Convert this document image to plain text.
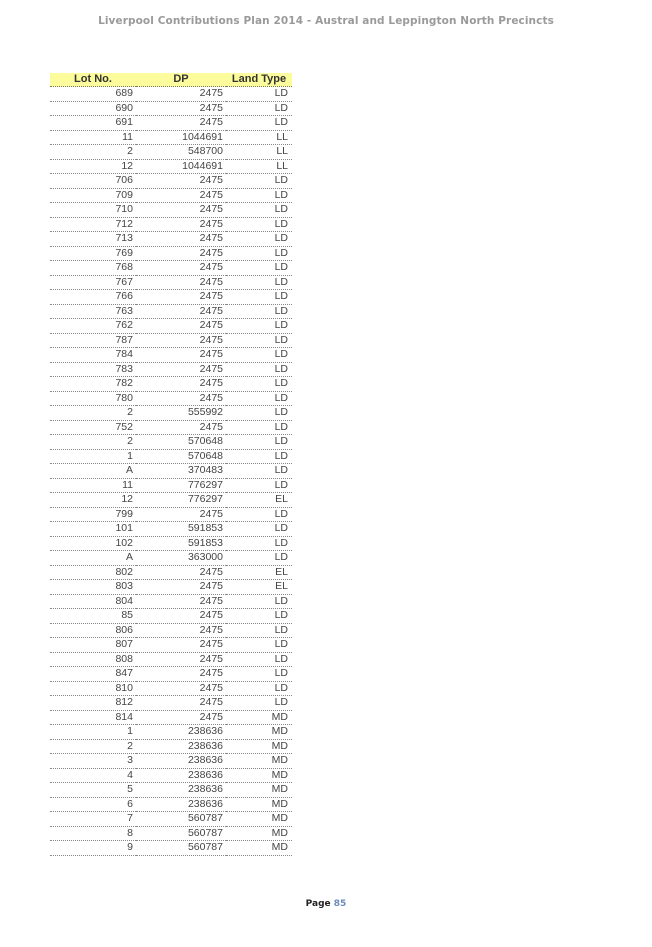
Liverpool Contributions Plan 2014 - Austral and Leppington North Precincts
Lot No.	DP	Land Type
689	2475	LD
690	2475	LD
691	2475	LD
11	1044691	LL
2	548700	LL
12	1044691	LL
706	2475	LD
709	2475	LD
710	2475	LD
712	2475	LD
713	2475	LD
769	2475	LD
768	2475	LD
767	2475	LD
766	2475	LD
763	2475	LD
762	2475	LD
787	2475	LD
784	2475	LD
783	2475	LD
782	2475	LD
780	2475	LD
2	555992	LD
752	2475	LD
2	570648	LD
1	570648	LD
A	370483	LD
11	776297	LD
12	776297	EL
799	2475	LD
101	591853	LD
102	591853	LD
A	363000	LD
802	2475	EL
803	2475	EL
804	2475	LD
85	2475	LD
806	2475	LD
807	2475	LD
808	2475	LD
847	2475	LD
810	2475	LD
812	2475	LD
814	2475	MD
1	238636	MD
2	238636	MD
3	238636	MD
4	238636	MD
5	238636	MD
6	238636	MD
7	560787	MD
8	560787	MD
9	560787	MD
Page 85
